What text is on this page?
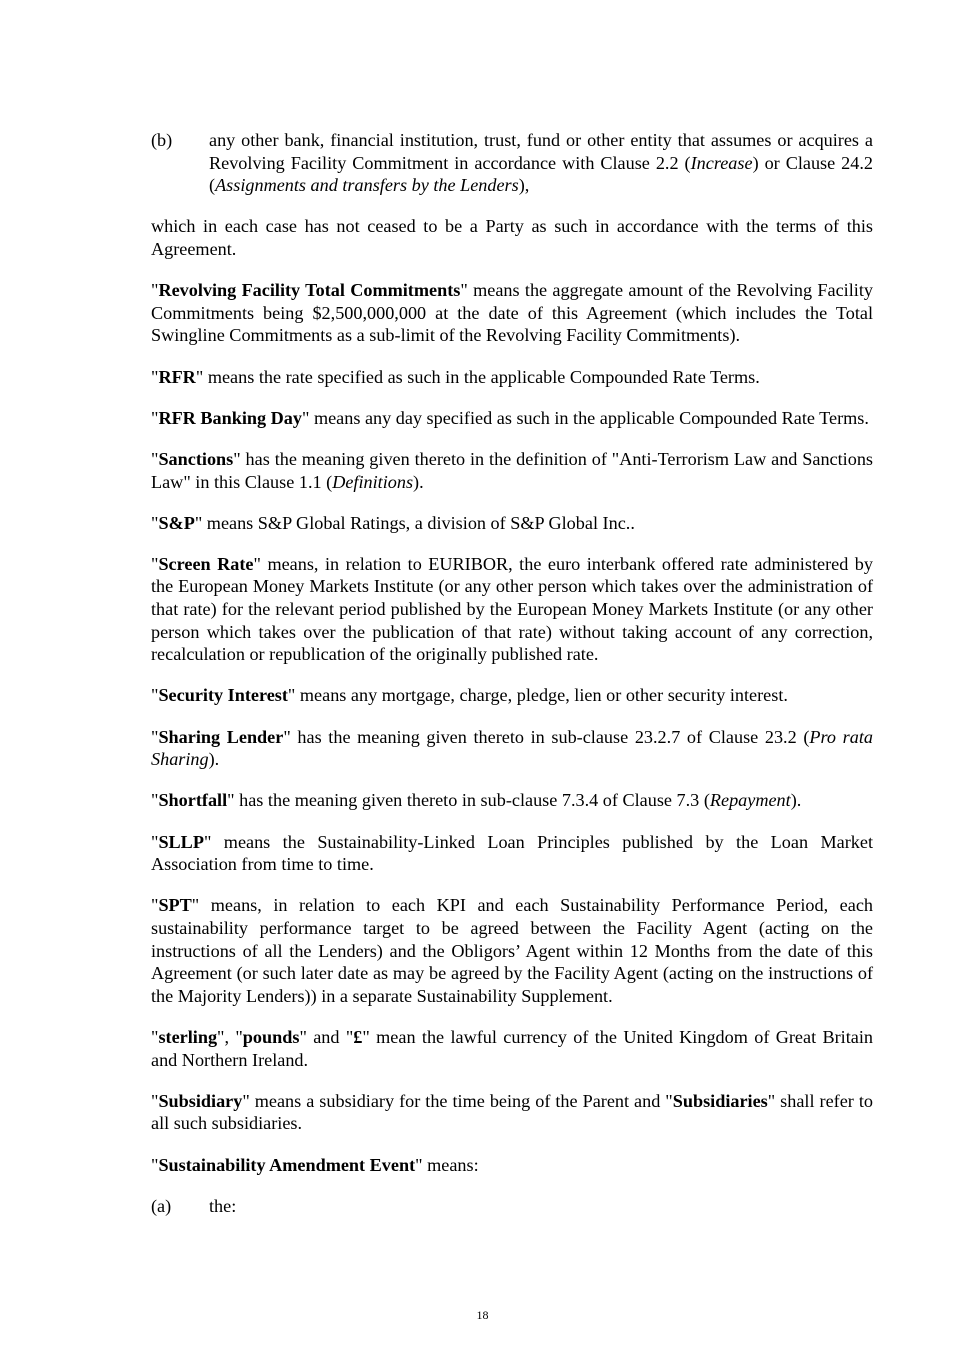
(b)	any other bank, financial institution, trust, fund or other entity that assumes or acquires a Revolving Facility Commitment in accordance with Clause 2.2 (Increase) or Clause 24.2 (Assignments and transfers by the Lenders),

which in each case has not ceased to be a Party as such in accordance with the terms of this Agreement.

"Revolving Facility Total Commitments" means the aggregate amount of the Revolving Facility Commitments being $2,500,000,000 at the date of this Agreement (which includes the Total Swingline Commitments as a sub-limit of the Revolving Facility Commitments).

"RFR" means the rate specified as such in the applicable Compounded Rate Terms.

"RFR Banking Day" means any day specified as such in the applicable Compounded Rate Terms.

"Sanctions" has the meaning given thereto in the definition of "Anti-Terrorism Law and Sanctions Law" in this Clause 1.1 (Definitions).

"S&P" means S&P Global Ratings, a division of S&P Global Inc..

"Screen Rate" means, in relation to EURIBOR, the euro interbank offered rate administered by the European Money Markets Institute (or any other person which takes over the administration of that rate) for the relevant period published by the European Money Markets Institute (or any other person which takes over the publication of that rate) without taking account of any correction, recalculation or republication of the originally published rate.

"Security Interest" means any mortgage, charge, pledge, lien or other security interest.

"Sharing Lender" has the meaning given thereto in sub-clause 23.2.7 of Clause 23.2 (Pro rata Sharing).

"Shortfall" has the meaning given thereto in sub-clause 7.3.4 of Clause 7.3 (Repayment).

"SLLP" means the Sustainability-Linked Loan Principles published by the Loan Market Association from time to time.

"SPT" means, in relation to each KPI and each Sustainability Performance Period, each sustainability performance target to be agreed between the Facility Agent (acting on the instructions of all the Lenders) and the Obligors’ Agent within 12 Months from the date of this Agreement (or such later date as may be agreed by the Facility Agent (acting on the instructions of the Majority Lenders)) in a separate Sustainability Supplement.

"sterling", "pounds" and "£" mean the lawful currency of the United Kingdom of Great Britain and Northern Ireland.

"Subsidiary" means a subsidiary for the time being of the Parent and "Subsidiaries" shall refer to all such subsidiaries.

"Sustainability Amendment Event" means:

(a)	the:
18
